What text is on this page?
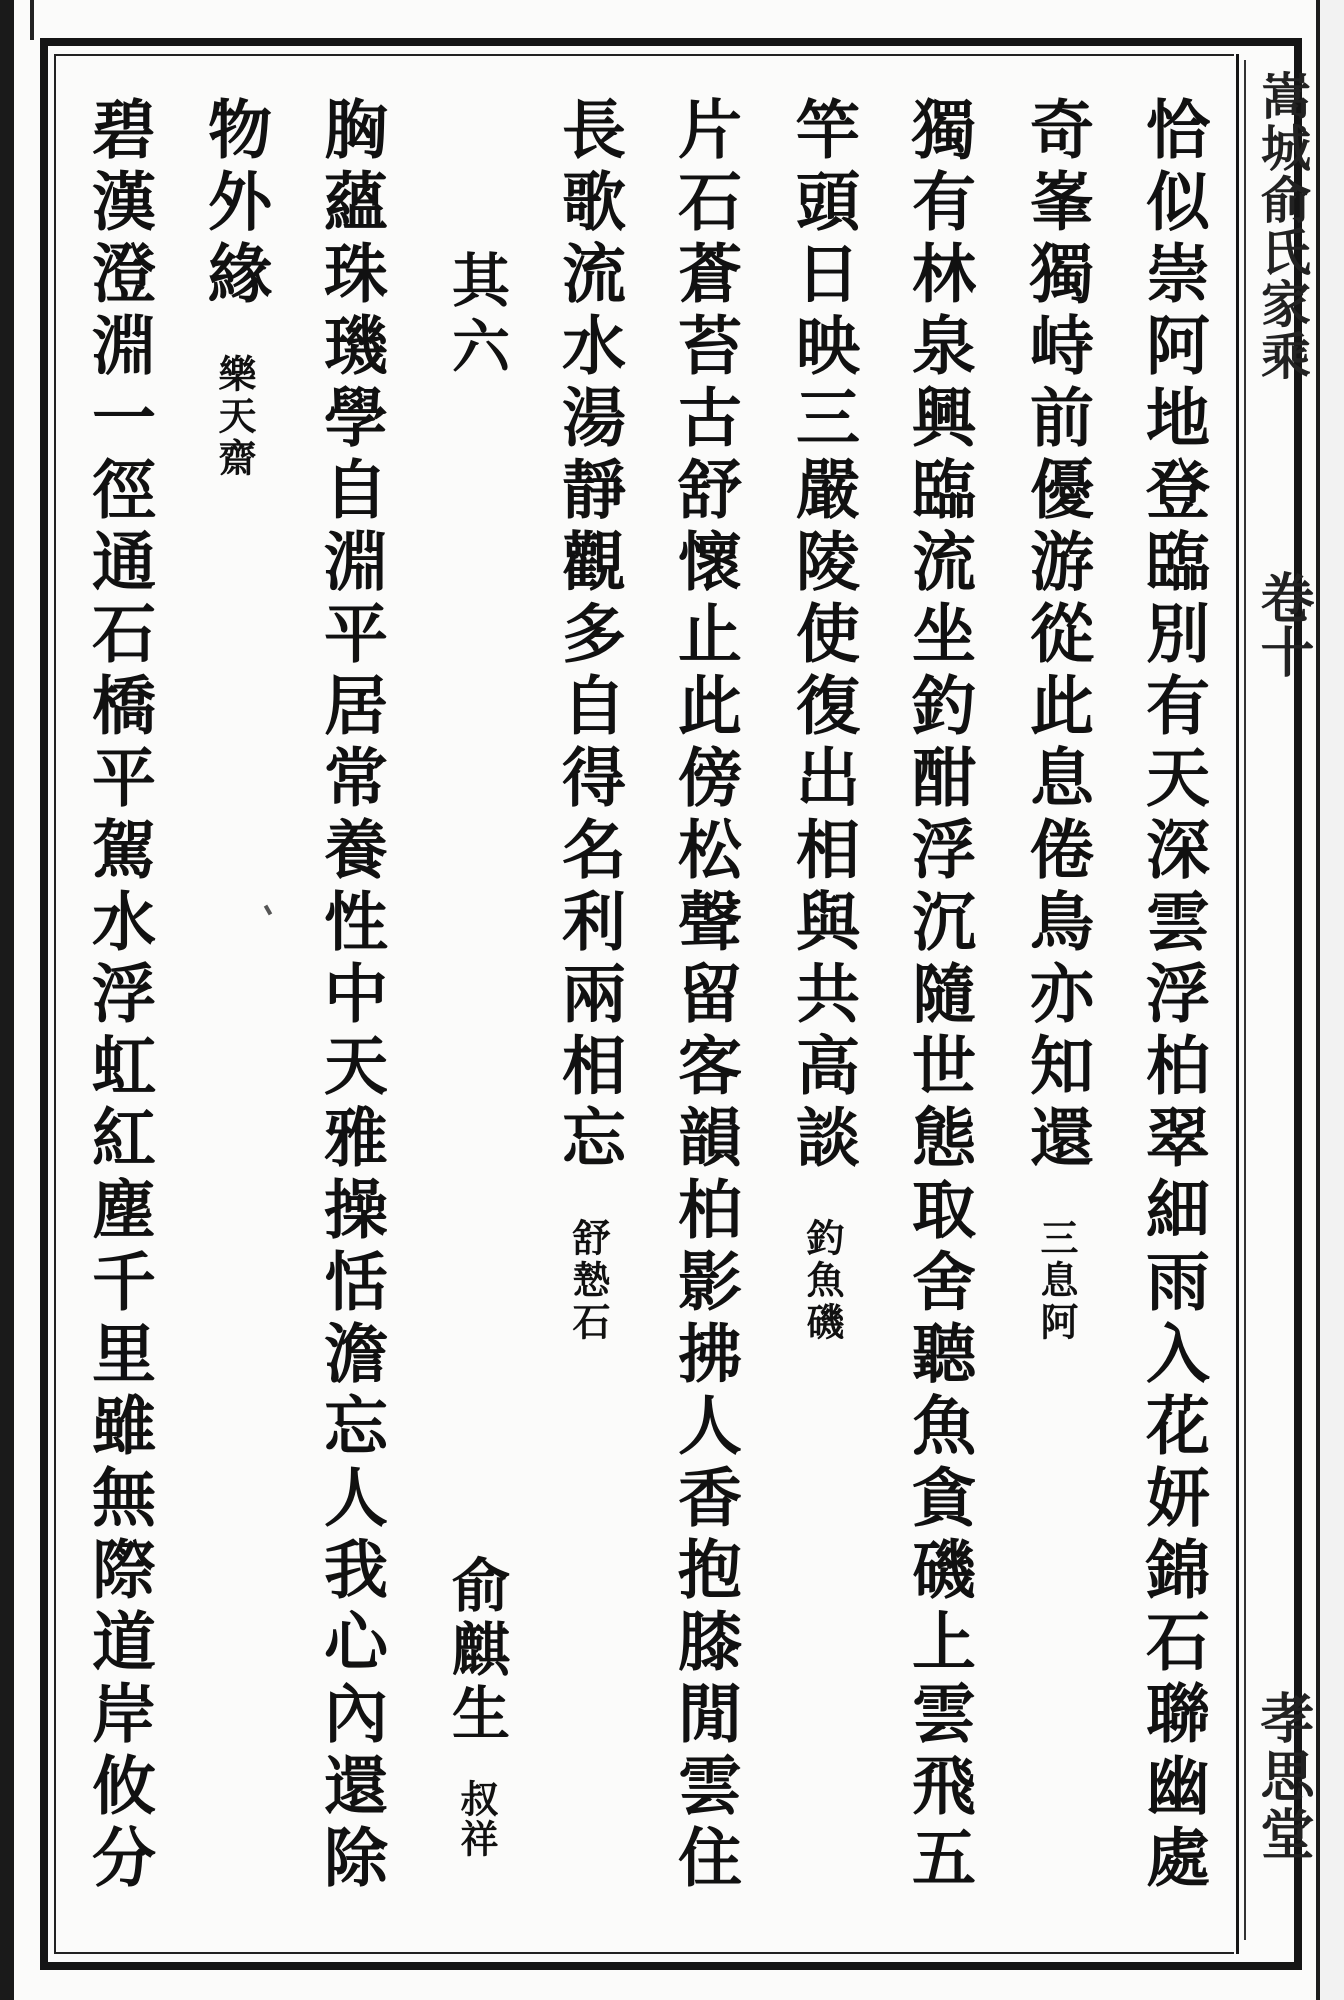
嵩城俞氏家乘
卷十
孝思堂
恰似崇阿地登臨別有天深雲浮柏翠細雨入花妍錦石聯幽處
奇峯獨峙前優游從此息倦鳥亦知還 三息阿
獨有林泉興臨流坐釣酣浮沉隨世態取舍聽魚貪磯上雲飛五
竿頭日映三嚴陵使復出相與共高談 釣魚磯
片石蒼苔古舒懷止此傍松聲留客韻柏影拂人香抱膝閒雲住
長歌流水湯靜觀多自得名利兩相忘 舒慹石
其六
俞麒生 叔祥
胸蘊珠璣學自淵平居常養性中天雅操恬澹忘人我心內還除
物外緣 樂天齋
碧漢澄淵一徑通石橋平駕水浮虹紅塵千里雖無際道岸攸分
